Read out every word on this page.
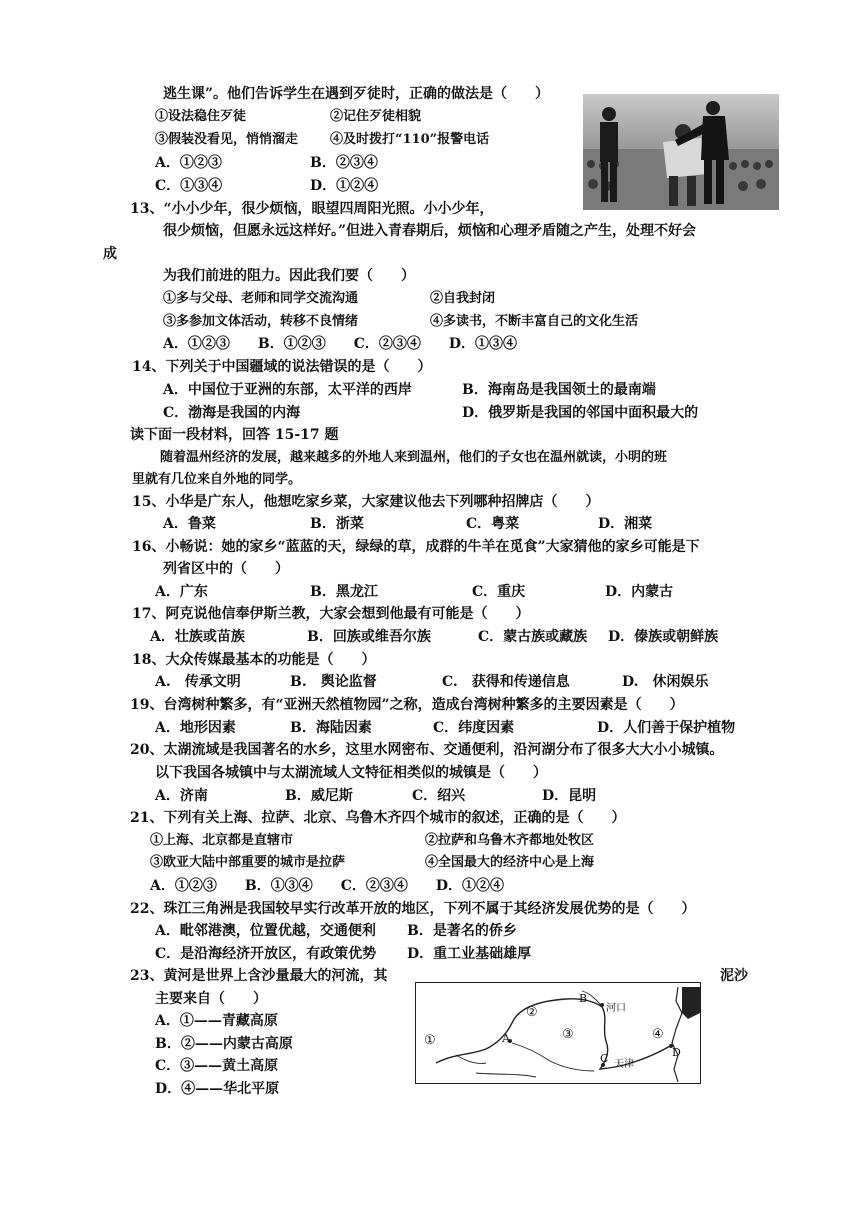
逃生课”。他们告诉学生在遇到歹徒时，正确的做法是（　　）
①设法稳住歹徒	②记住歹徒相貌
③假装没看见，悄悄溜走 ④及时拨打“110”报警电话
A．①②③	B．②③④
C．①③④	D．①②④
13、“小小少年，很少烦恼，眼望四周阳光照。小小少年，
很少烦恼，但愿永远这样好。”但进入青春期后，烦恼和心理矛盾随之产生，处理不好会
成
为我们前进的阻力。因此我们要（　　）
①多与父母、老师和同学交流沟通	②自我封闭
③多参加文体活动，转移不良情绪	④多读书，不断丰富自己的文化生活
A．①②③　　B．①②③　　C．②③④　　D．①③④
14、下列关于中国疆域的说法错误的是（　　）
A．中国位于亚洲的东部，太平洋的西岸	B．海南岛是我国领土的最南端
C．渤海是我国的内海	D．俄罗斯是我国的邻国中面积最大的
读下面一段材料，回答 15-17 题
随着温州经济的发展，越来越多的外地人来到温州，他们的子女也在温州就读，小明的班
里就有几位来自外地的同学。
15、小华是广东人，他想吃家乡菜，大家建议他去下列哪种招牌店（　　）
A．鲁菜	B．浙菜	C．粤菜	D．湘菜
16、小畅说：她的家乡“蓝蓝的天，绿绿的草，成群的牛羊在觅食”大家猜他的家乡可能是下
列省区中的（　　）
A．广东	B．黑龙江	C．重庆	D．内蒙古
17、阿克说他信奉伊斯兰教，大家会想到他最有可能是（　　）
A．壮族或苗族	B．回族或维吾尔族	C．蒙古族或藏族 D．傣族或朝鲜族
18、大众传媒最基本的功能是（　　）
A.　传承文明	B.　舆论监督	C.　获得和传递信息	D.　休闲娱乐
19、台湾树种繁多，有“亚洲天然植物园”之称，造成台湾树种繁多的主要因素是（　　）
A．地形因素	B．海陆因素	C．纬度因素	D．人们善于保护植物
20、太湖流域是我国著名的水乡，这里水网密布、交通便利，沿河湖分布了很多大大小小城镇。
以下我国各城镇中与太湖流域人文特征相类似的城镇是（　　）
A．济南	B．威尼斯	C．绍兴	D．昆明
21、下列有关上海、拉萨、北京、乌鲁木齐四个城市的叙述，正确的是（　　）
①上海、北京都是直辖市	②拉萨和乌鲁木齐都地处牧区
③欧亚大陆中部重要的城市是拉萨	④全国最大的经济中心是上海
A．①②③　　B．①③④　　C．②③④　　D．①②④
22、珠江三角洲是我国较早实行改革开放的地区，下列不属于其经济发展优势的是（　　）
A．毗邻港澳，位置优越，交通便利 B．是著名的侨乡
C．是沿海经济开放区，有政策优势 D．重工业基础雄厚
23、黄河是世界上含沙量最大的河流，其	泥沙
主要来自（　　）
A．①——青藏高原
B．②——内蒙古高原
C．③——黄土高原
D．④——华北平原
①
②
③	④
A
B
C	D
河口
天津
